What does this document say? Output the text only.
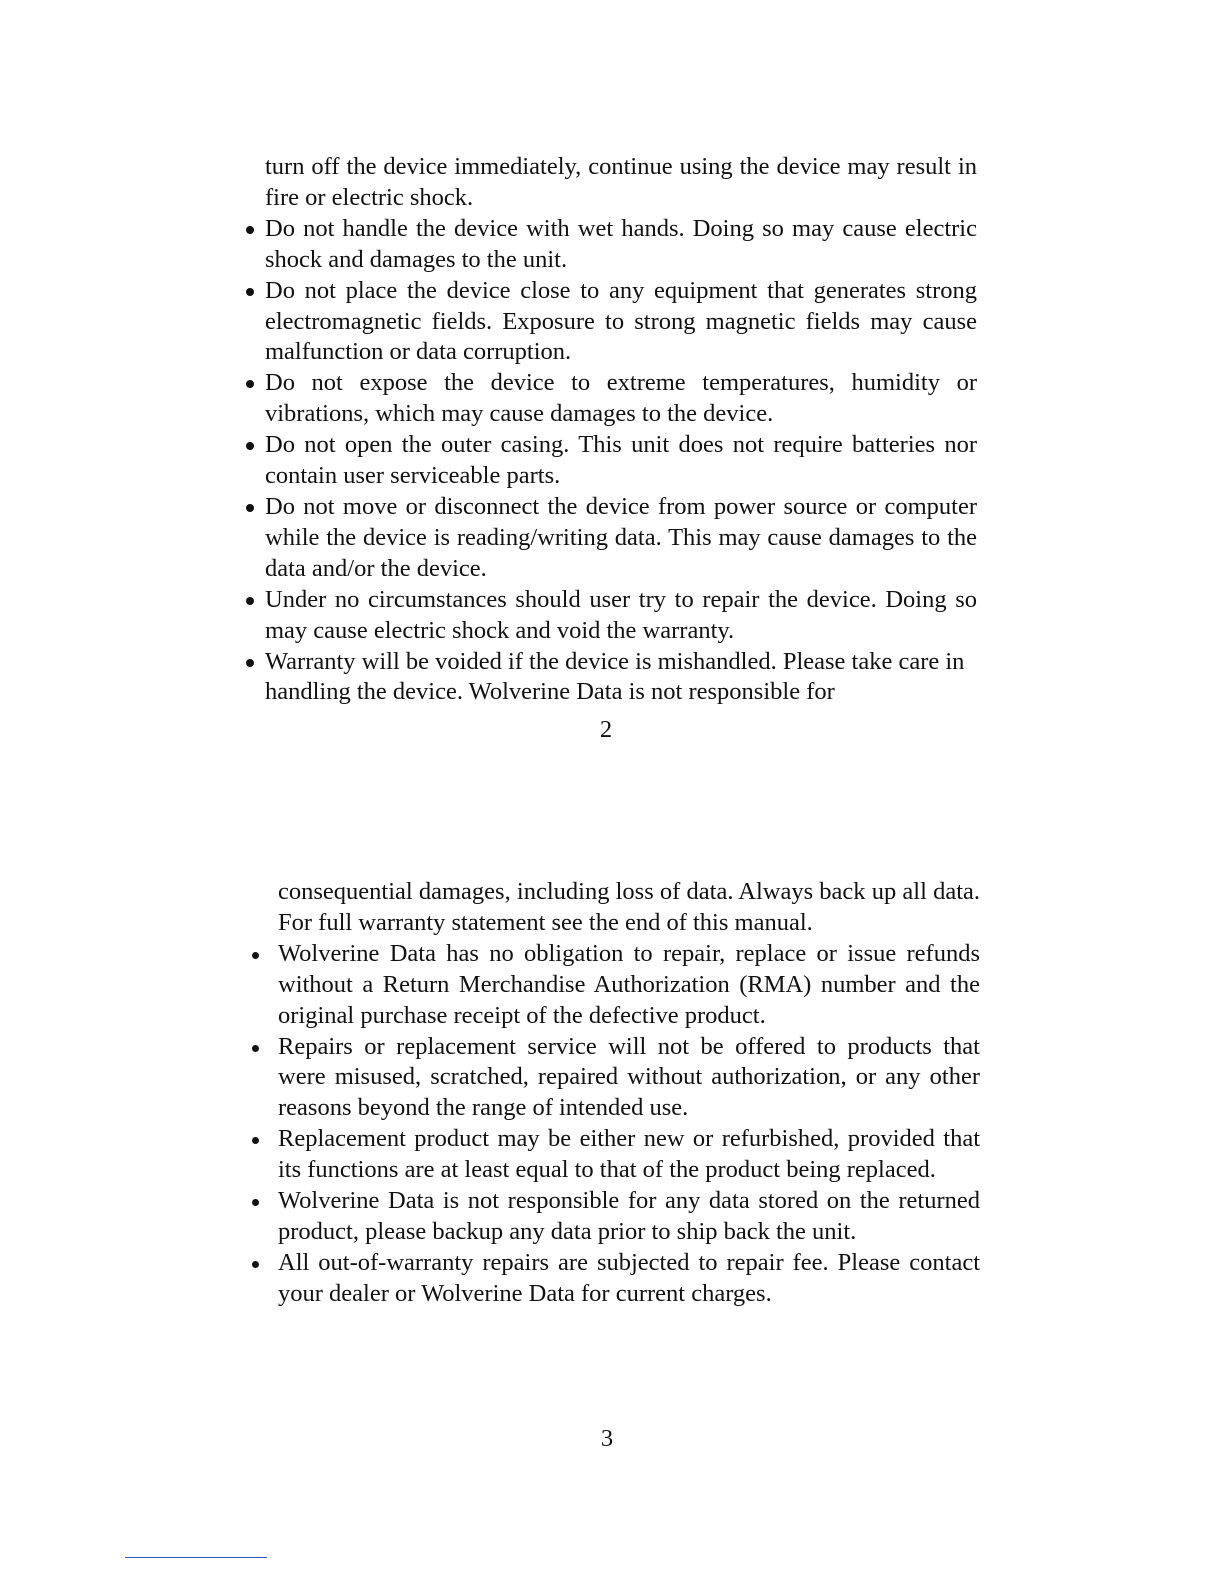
turn off the device immediately, continue using the device may result in fire or electric shock.

Do not handle the device with wet hands. Doing so may cause electric shock and damages to the unit.
Do not place the device close to any equipment that generates strong electromagnetic fields. Exposure to strong magnetic fields may cause malfunction or data corruption.
Do not expose the device to extreme temperatures, humidity or vibrations, which may cause damages to the device.
Do not open the outer casing. This unit does not require batteries nor contain user serviceable parts.
Do not move or disconnect the device from power source or computer while the device is reading/writing data. This may cause damages to the data and/or the device.
Under no circumstances should user try to repair the device. Doing so may cause electric shock and void the warranty.
Warranty will be voided if the device is mishandled. Please take care in handling the device. Wolverine Data is not responsible for
2

consequential damages, including loss of data. Always back up all data. For full warranty statement see the end of this manual.

Wolverine Data has no obligation to repair, replace or issue refunds without a Return Merchandise Authorization (RMA) number and the original purchase receipt of the defective product.
Repairs or replacement service will not be offered to products that were misused, scratched, repaired without authorization, or any other reasons beyond the range of intended use.
Replacement product may be either new or refurbished, provided that its functions are at least equal to that of the product being replaced.
Wolverine Data is not responsible for any data stored on the returned product, please backup any data prior to ship back the unit.
All out-of-warranty repairs are subjected to repair fee. Please contact your dealer or Wolverine Data for current charges.
3
